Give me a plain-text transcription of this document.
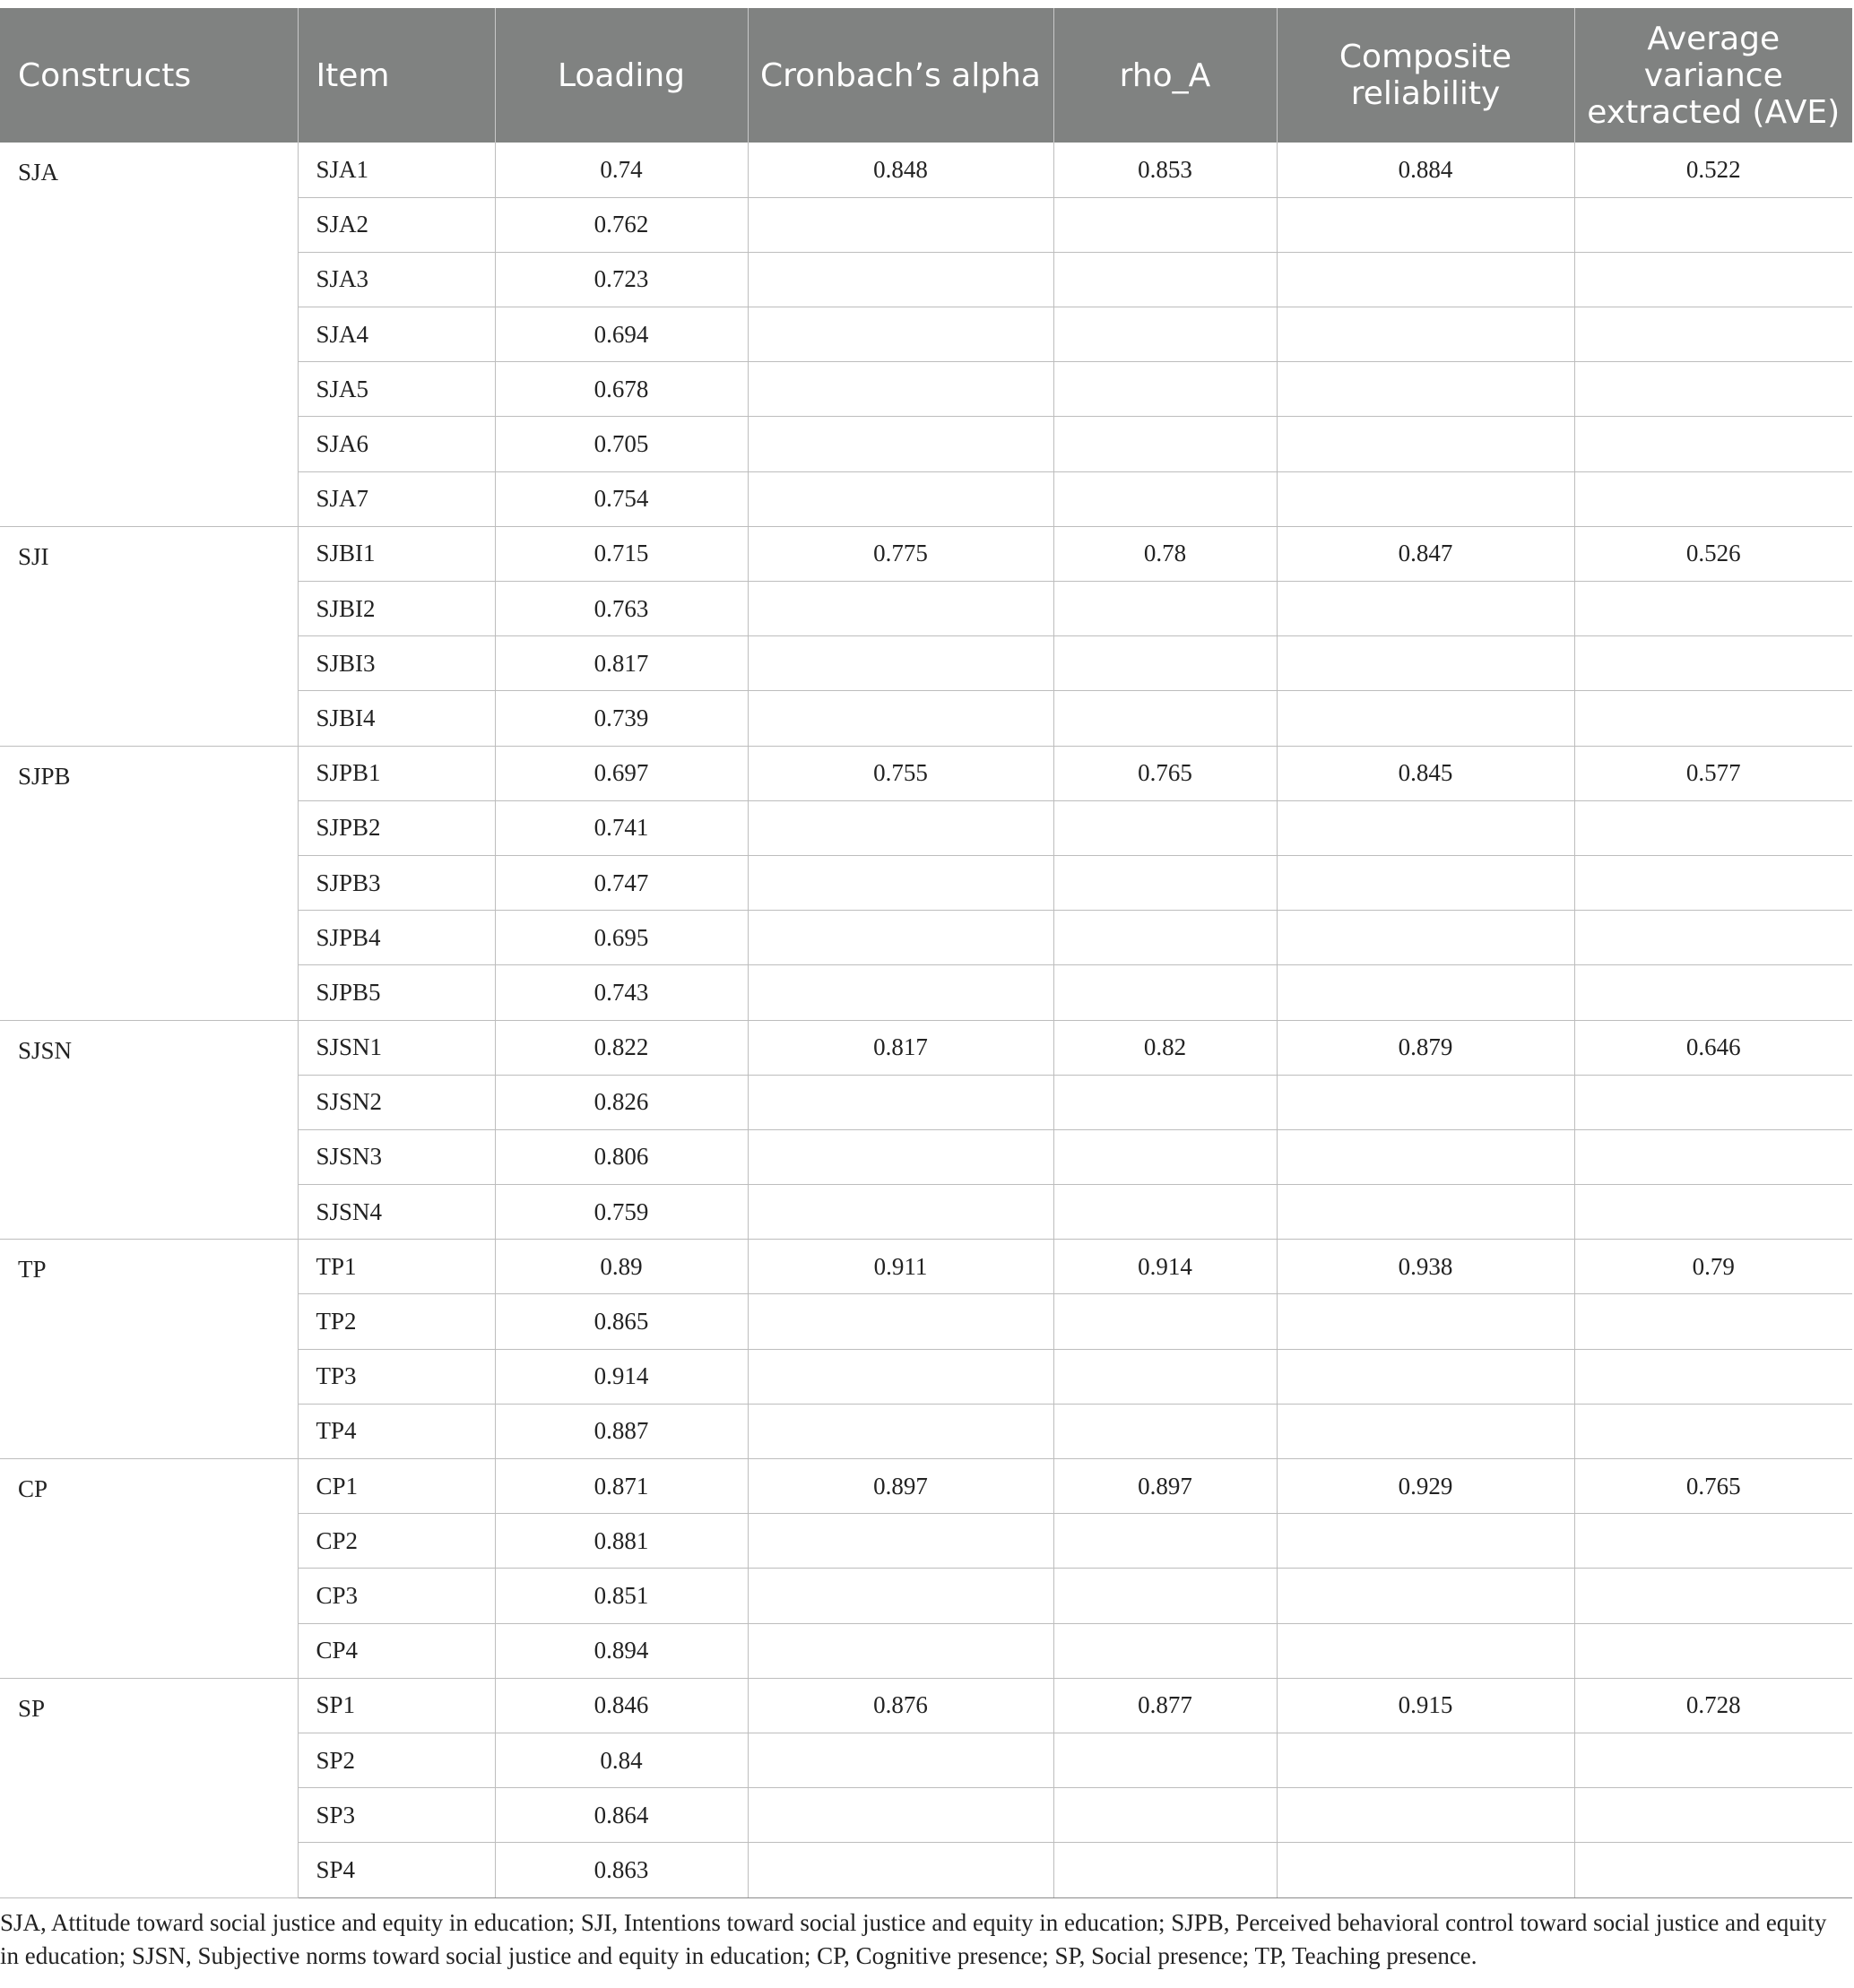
Constructs	Item	Loading	Cronbach’s alpha	rho_A	Composite reliability	Average variance extracted (AVE)
SJA	SJA1	0.74	0.848	0.853	0.884	0.522
	SJA2	0.762				
	SJA3	0.723				
	SJA4	0.694				
	SJA5	0.678				
	SJA6	0.705				
	SJA7	0.754				
SJI	SJBI1	0.715	0.775	0.78	0.847	0.526
	SJBI2	0.763				
	SJBI3	0.817				
	SJBI4	0.739				
SJPB	SJPB1	0.697	0.755	0.765	0.845	0.577
	SJPB2	0.741				
	SJPB3	0.747				
	SJPB4	0.695				
	SJPB5	0.743				
SJSN	SJSN1	0.822	0.817	0.82	0.879	0.646
	SJSN2	0.826				
	SJSN3	0.806				
	SJSN4	0.759				
TP	TP1	0.89	0.911	0.914	0.938	0.79
	TP2	0.865				
	TP3	0.914				
	TP4	0.887				
CP	CP1	0.871	0.897	0.897	0.929	0.765
	CP2	0.881				
	CP3	0.851				
	CP4	0.894				
SP	SP1	0.846	0.876	0.877	0.915	0.728
	SP2	0.84				
	SP3	0.864				
	SP4	0.863				

SJA, Attitude toward social justice and equity in education; SJI, Intentions toward social justice and equity in education; SJPB, Perceived behavioral control toward social justice and equity in education; SJSN, Subjective norms toward social justice and equity in education; CP, Cognitive presence; SP, Social presence; TP, Teaching presence.
